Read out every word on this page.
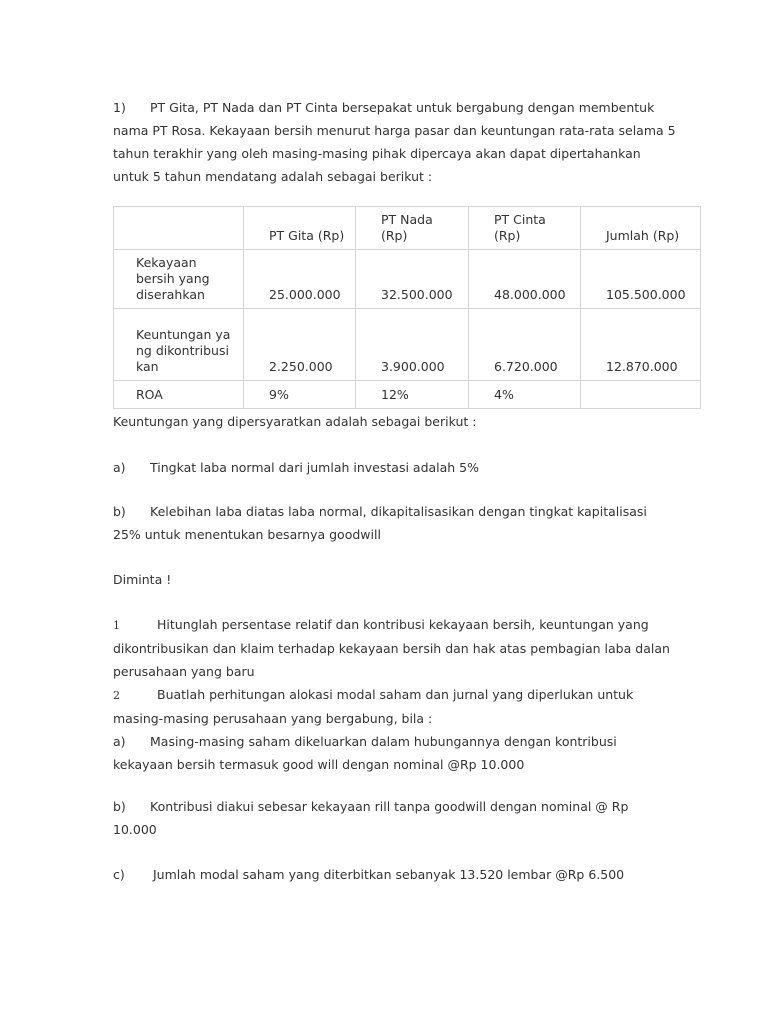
1) PT Gita, PT Nada dan PT Cinta bersepakat untuk bergabung dengan membentuk
nama PT Rosa. Kekayaan bersih menurut harga pasar dan keuntungan rata-rata selama 5
tahun terakhir yang oleh masing-masing pihak dipercaya akan dapat dipertahankan
untuk 5 tahun mendatang adalah sebagai berikut :

	PT Gita (Rp)	PT Nada (Rp)	PT Cinta (Rp)	Jumlah (Rp)
Kekayaan bersih yang diserahkan	25.000.000	32.500.000	48.000.000	105.500.000
Keuntungan yang dikontribusikan	2.250.000	3.900.000	6.720.000	12.870.000
ROA	9%	12%	4%	

Keuntungan yang dipersyaratkan adalah sebagai berikut :

a) Tingkat laba normal dari jumlah investasi adalah 5%

b) Kelebihan laba diatas laba normal, dikapitalisasikan dengan tingkat kapitalisasi
25% untuk menentukan besarnya goodwill

Diminta !

1	Hitunglah persentase relatif dan kontribusi kekayaan bersih, keuntungan yang
dikontribusikan dan klaim terhadap kekayaan bersih dan hak atas pembagian laba dalan
perusahaan yang baru
2	Buatlah perhitungan alokasi modal saham dan jurnal yang diperlukan untuk
masing-masing perusahaan yang bergabung, bila :
a) Masing-masing saham dikeluarkan dalam hubungannya dengan kontribusi
kekayaan bersih termasuk good will dengan nominal @Rp 10.000

b) Kontribusi diakui sebesar kekayaan rill tanpa goodwill dengan nominal @ Rp
10.000

c) Jumlah modal saham yang diterbitkan sebanyak 13.520 lembar @Rp 6.500
